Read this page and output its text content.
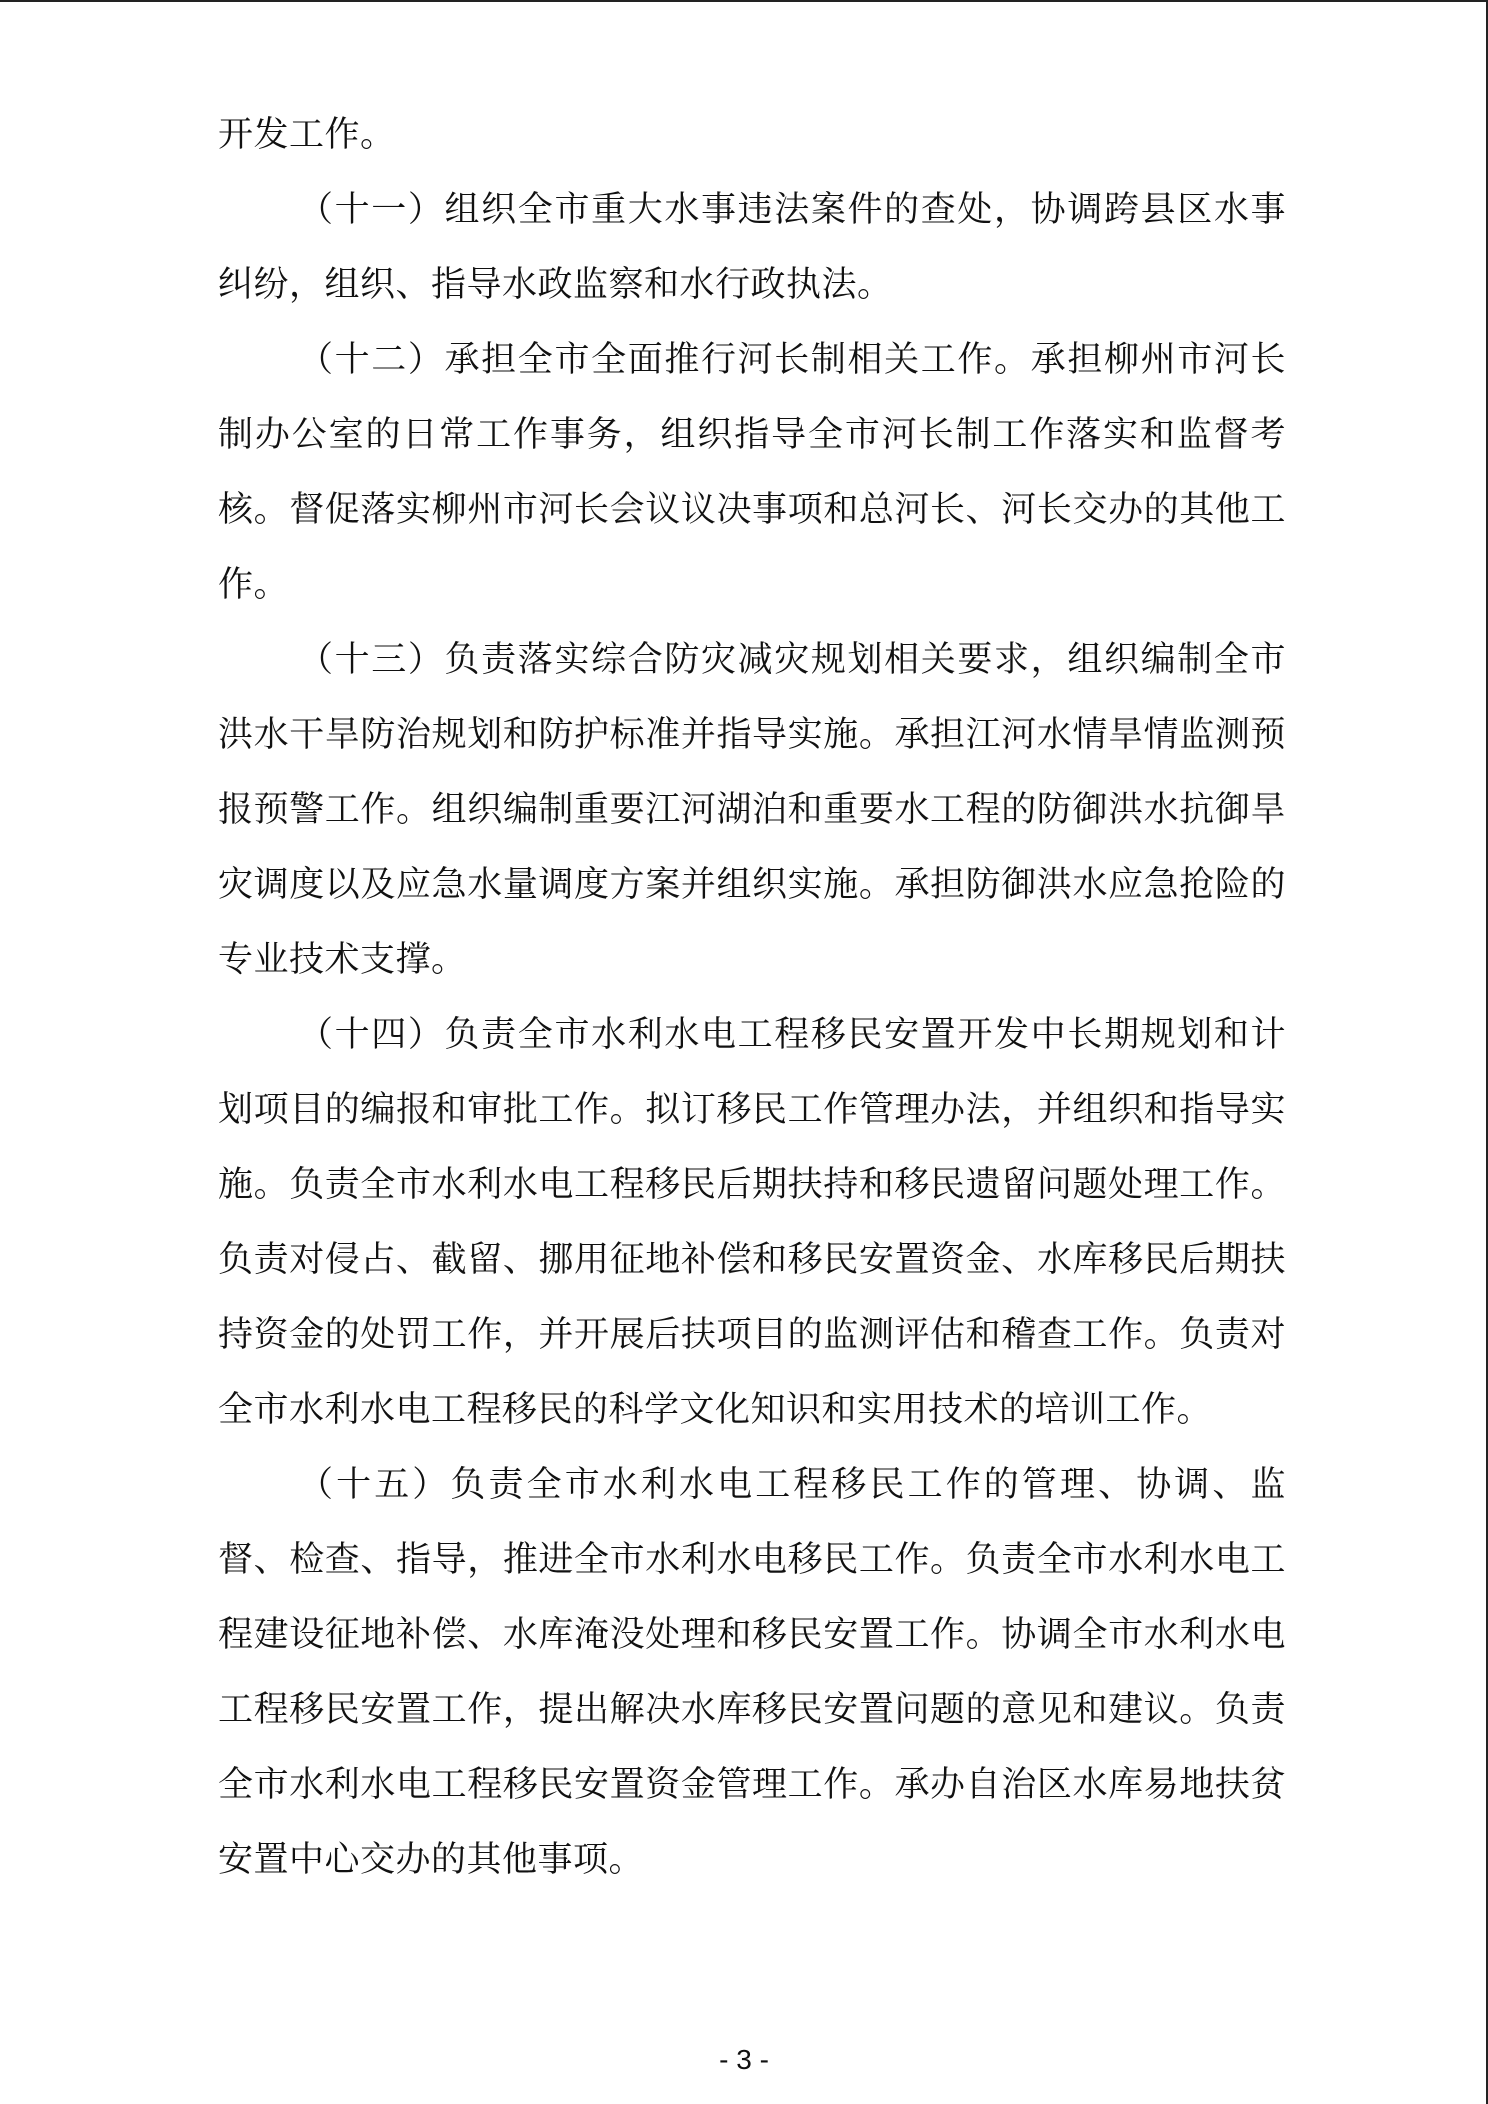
开发工作。

（十一）组织全市重大水事违法案件的查处，协调跨县区水事纠纷，组织、指导水政监察和水行政执法。

（十二）承担全市全面推行河长制相关工作。承担柳州市河长制办公室的日常工作事务，组织指导全市河长制工作落实和监督考核。督促落实柳州市河长会议议决事项和总河长、河长交办的其他工作。

（十三）负责落实综合防灾减灾规划相关要求，组织编制全市洪水干旱防治规划和防护标准并指导实施。承担江河水情旱情监测预报预警工作。组织编制重要江河湖泊和重要水工程的防御洪水抗御旱灾调度以及应急水量调度方案并组织实施。承担防御洪水应急抢险的专业技术支撑。

（十四）负责全市水利水电工程移民安置开发中长期规划和计划项目的编报和审批工作。拟订移民工作管理办法，并组织和指导实施。负责全市水利水电工程移民后期扶持和移民遗留问题处理工作。负责对侵占、截留、挪用征地补偿和移民安置资金、水库移民后期扶持资金的处罚工作，并开展后扶项目的监测评估和稽查工作。负责对全市水利水电工程移民的科学文化知识和实用技术的培训工作。

（十五）负责全市水利水电工程移民工作的管理、协调、监督、检查、指导，推进全市水利水电移民工作。负责全市水利水电工程建设征地补偿、水库淹没处理和移民安置工作。协调全市水利水电工程移民安置工作，提出解决水库移民安置问题的意见和建议。负责全市水利水电工程移民安置资金管理工作。承办自治区水库易地扶贫安置中心交办的其他事项。

- 3 -
